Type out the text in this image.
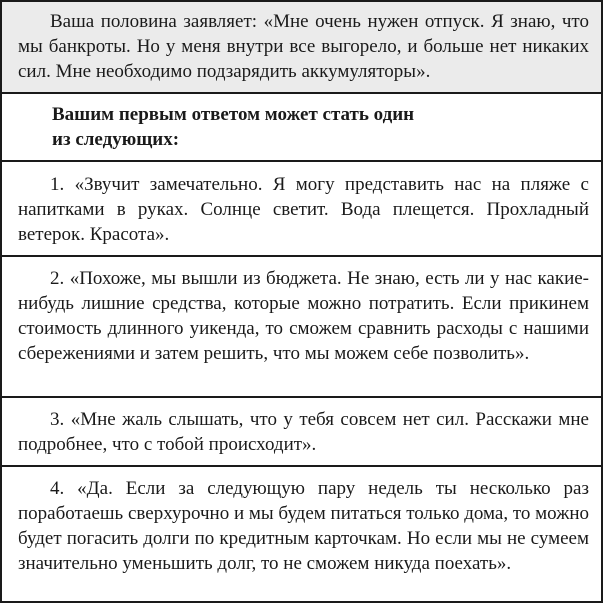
Ваша половина заявляет: «Мне очень нужен отпуск. Я знаю, что мы банкроты. Но у меня внутри все выгорело, и больше нет никаких сил. Мне необходимо подзарядить аккумуляторы».
Вашим первым ответом может стать один
из следующих:
1. «Звучит замечательно. Я могу представить нас на пляже с напитками в руках. Солнце светит. Вода плещется. Прохладный ветерок. Красота».
2. «Похоже, мы вышли из бюджета. Не знаю, есть ли у нас какие-нибудь лишние средства, которые можно потратить. Если прикинем стоимость длинного уикенда, то сможем сравнить расходы с нашими сбережениями и затем решить, что мы можем себе позволить».
3. «Мне жаль слышать, что у тебя совсем нет сил. Расскажи мне подробнее, что с тобой происходит».
4. «Да. Если за следующую пару недель ты несколько раз поработаешь сверхурочно и мы будем питаться только дома, то можно будет погасить долги по кредитным карточкам. Но если мы не сумеем значительно уменьшить долг, то не сможем никуда поехать».
